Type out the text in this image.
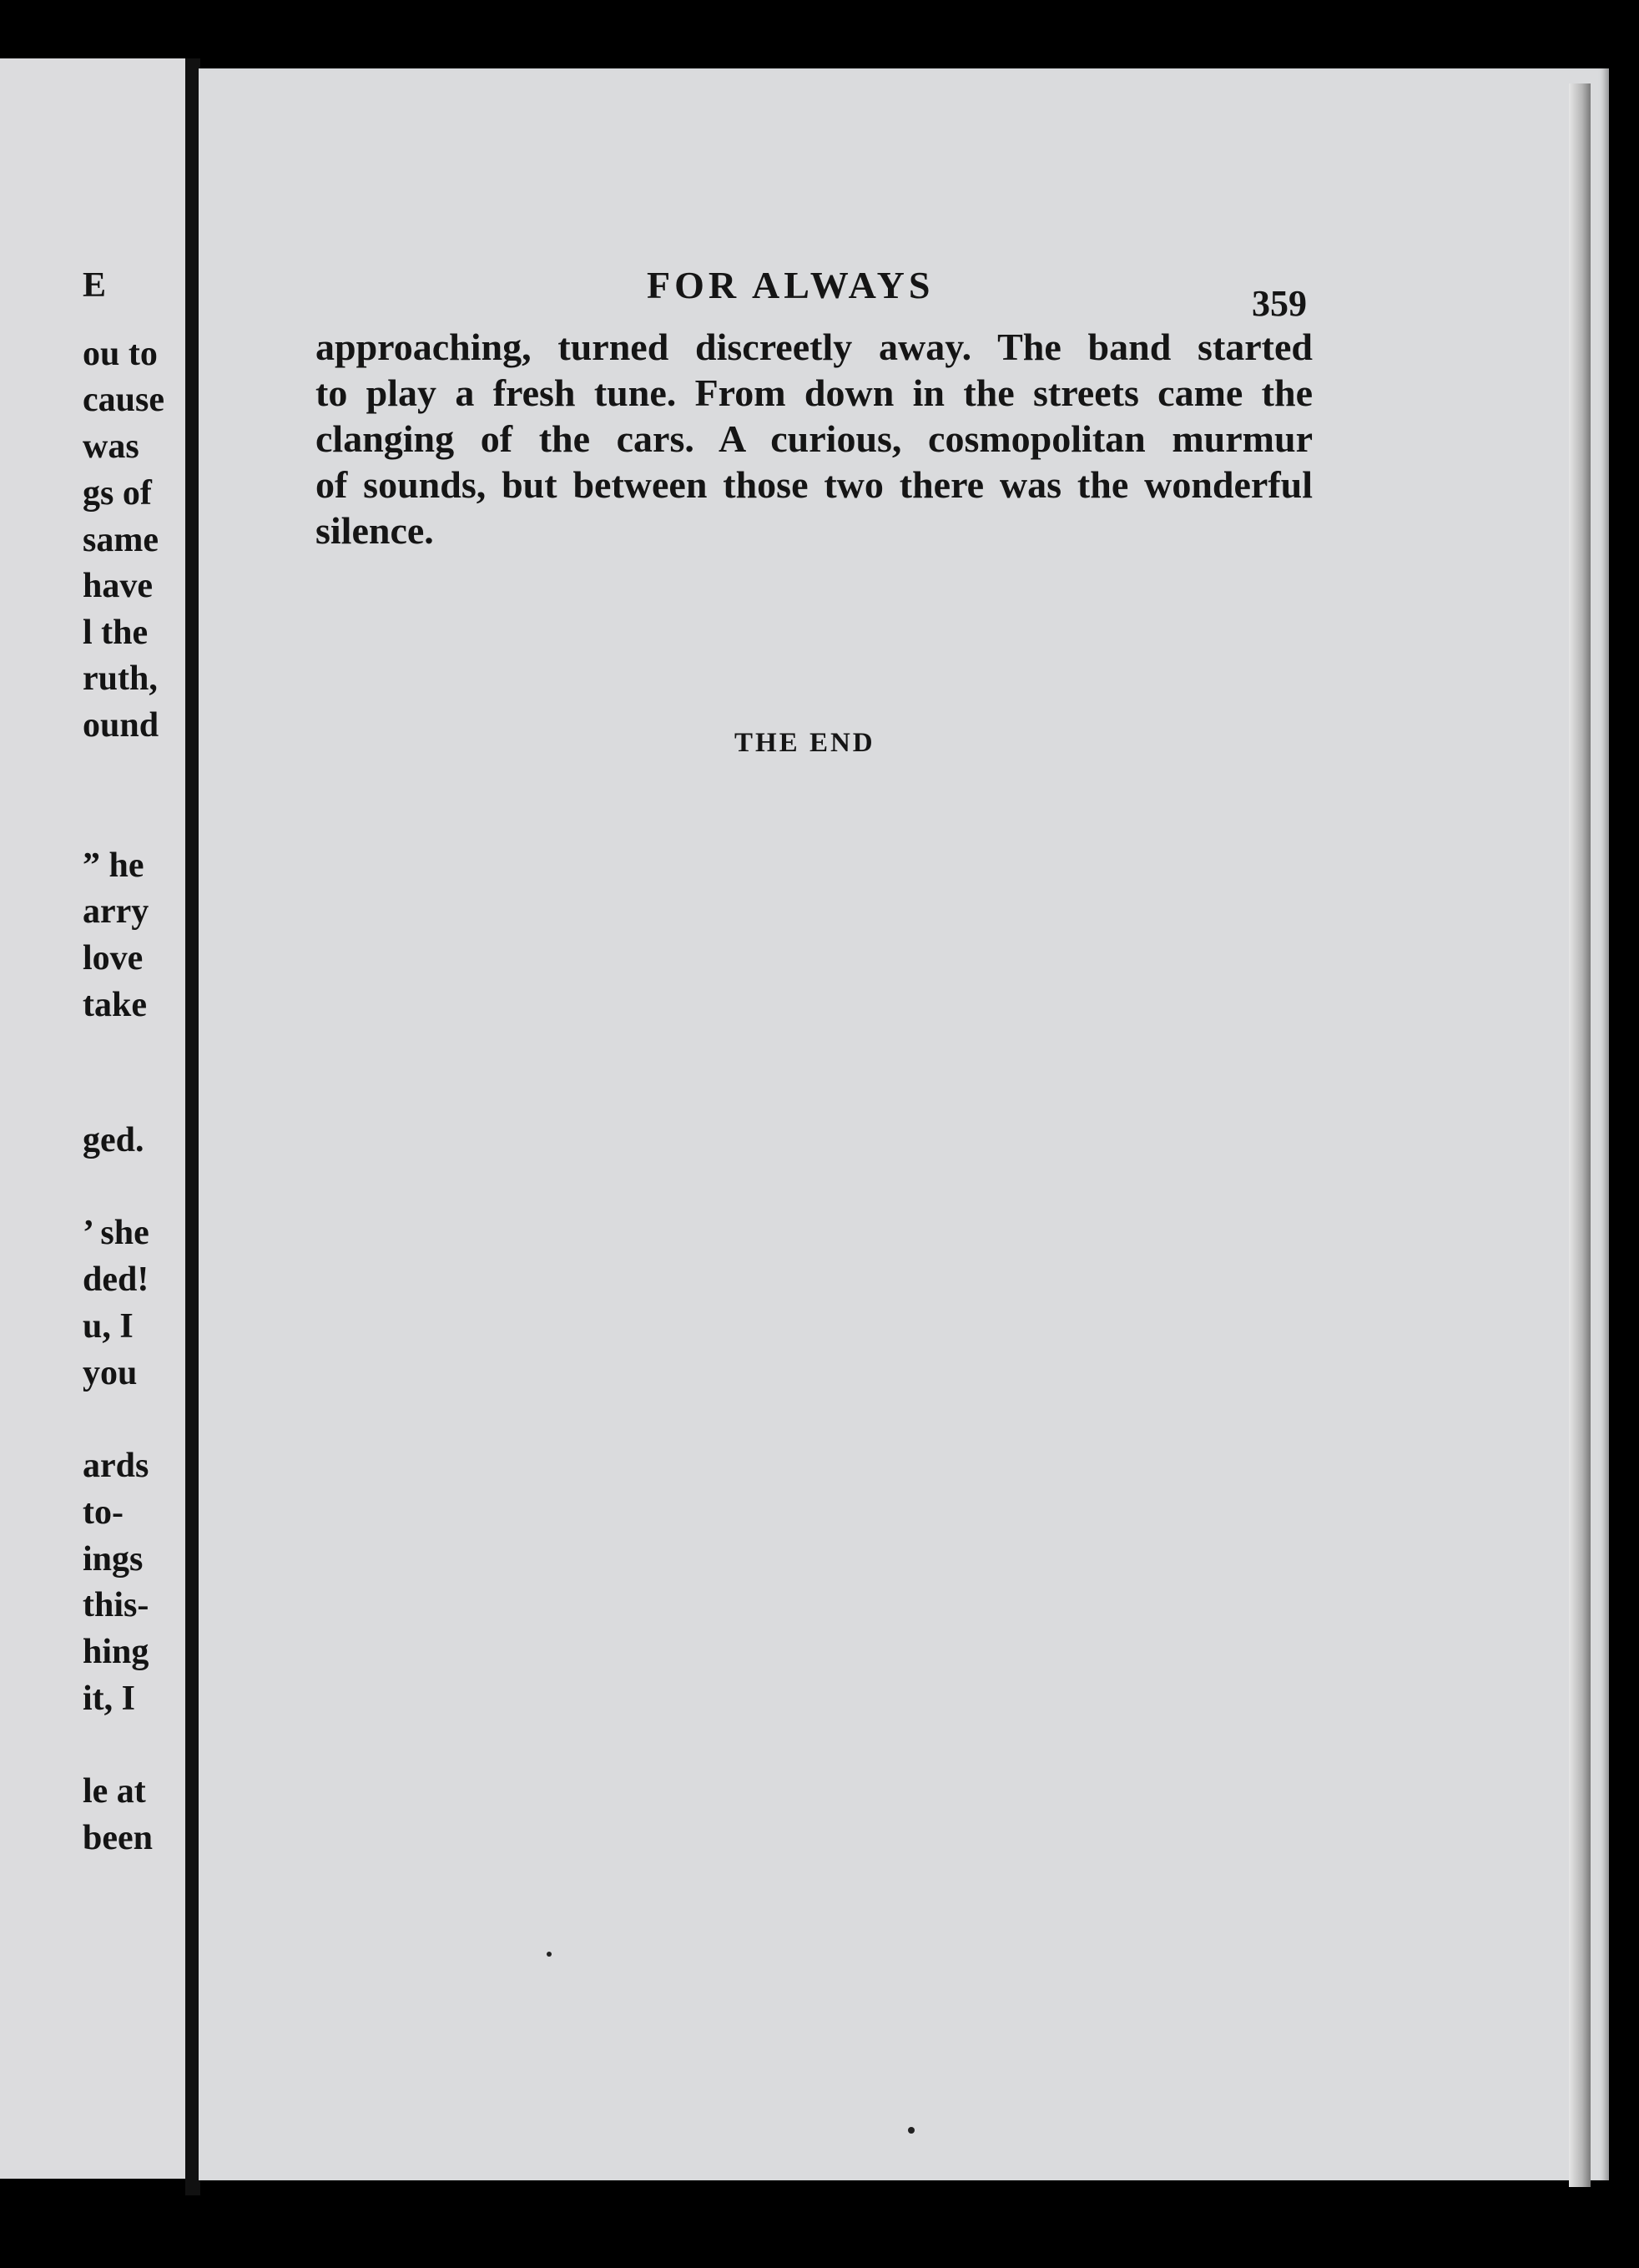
E
ou to
cause
was
gs of
same
have
l the
ruth,
ound
” he
arry
love
take
ged.
’ she
ded!
u, I
you
ards
to-
ings
this-
hing
it, I
le at
been
FOR ALWAYS	359
approaching, turned discreetly away. The band started
to play a fresh tune. From down in the streets came the
clanging of the cars. A curious, cosmopolitan murmur
of sounds, but between those two there was the wonderful
silence.
THE END
